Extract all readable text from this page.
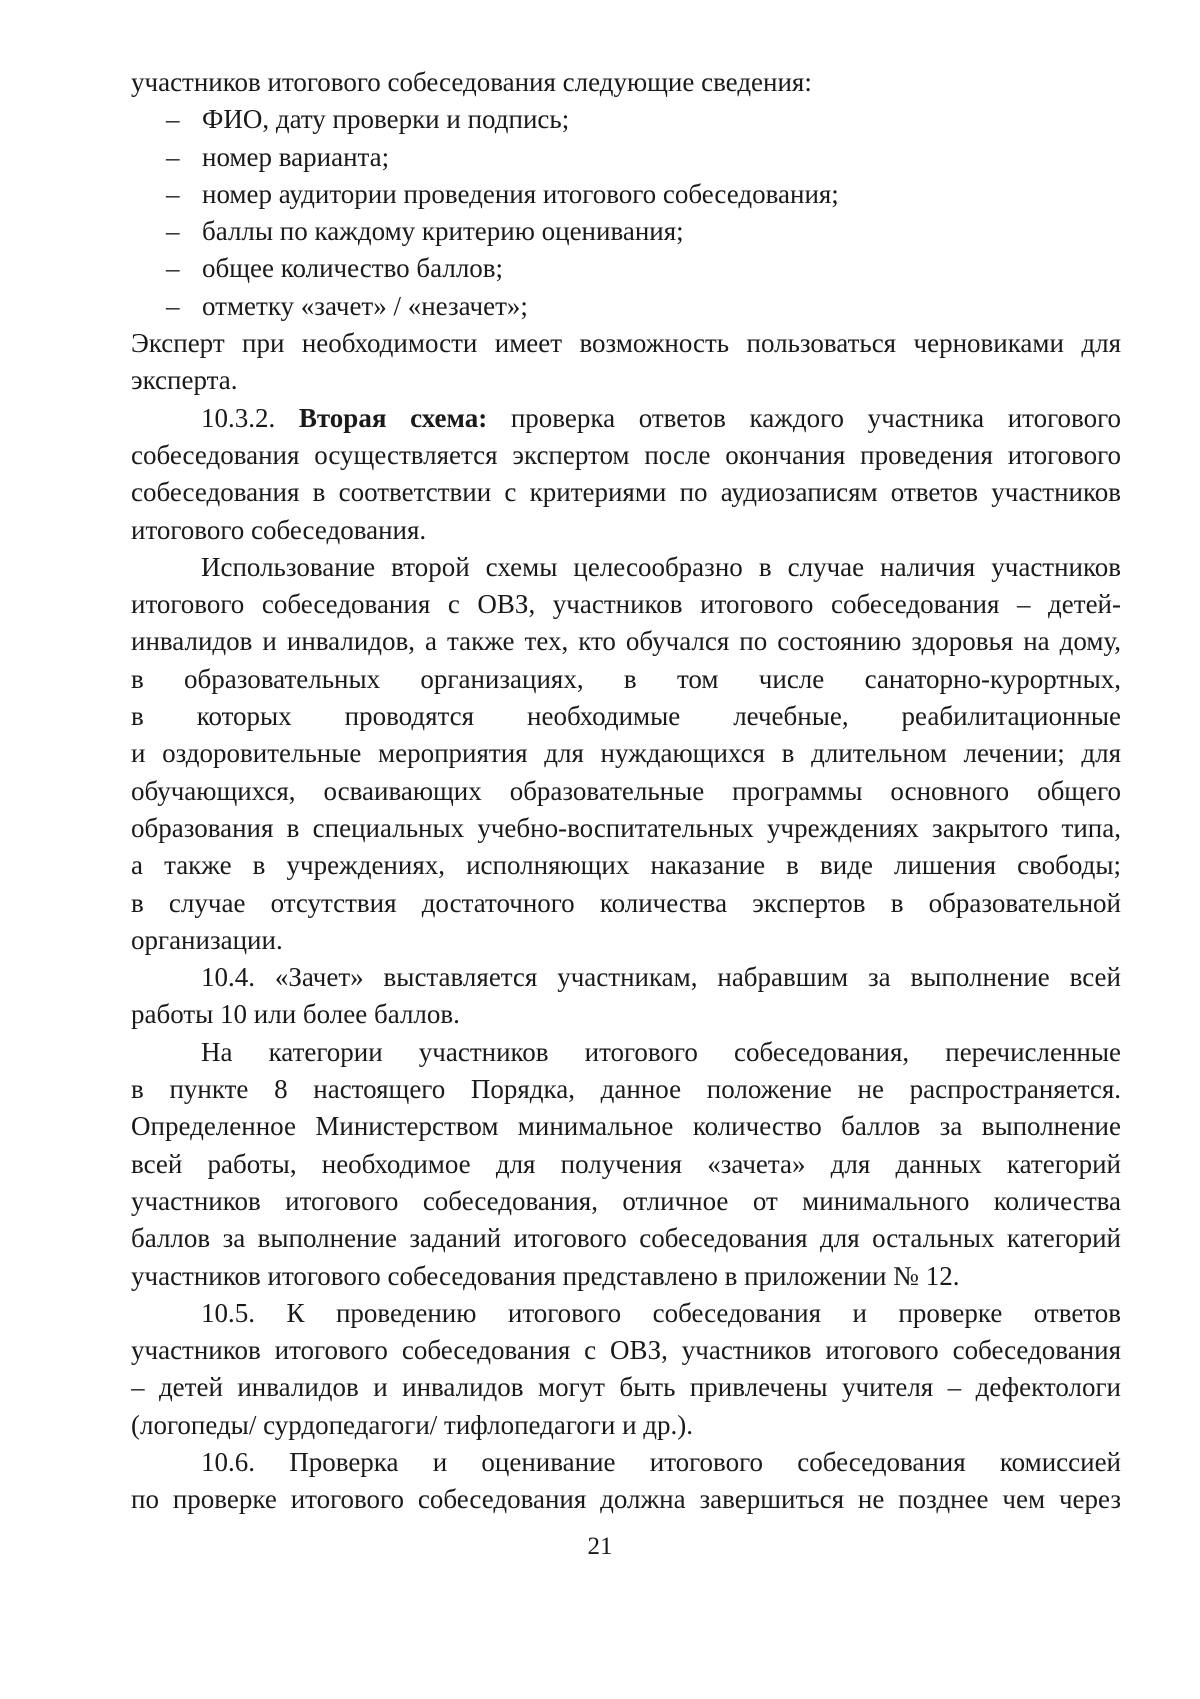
участников итогового собеседования следующие сведения:
– ФИО, дату проверки и подпись;
– номер варианта;
– номер аудитории проведения итогового собеседования;
– баллы по каждому критерию оценивания;
– общее количество баллов;
– отметку «зачет» / «незачет»;
Эксперт при необходимости имеет возможность пользоваться черновиками для
эксперта.
10.3.2. Вторая схема: проверка ответов каждого участника итогового
собеседования осуществляется экспертом после окончания проведения итогового
собеседования в соответствии с критериями по аудиозаписям ответов участников
итогового собеседования.
Использование второй схемы целесообразно в случае наличия участников
итогового собеседования с ОВЗ, участников итогового собеседования – детей-
инвалидов и инвалидов, а также тех, кто обучался по состоянию здоровья на дому,
в образовательных организациях, в том числе санаторно-курортных,
в которых проводятся необходимые лечебные, реабилитационные
и оздоровительные мероприятия для нуждающихся в длительном лечении; для
обучающихся, осваивающих образовательные программы основного общего
образования в специальных учебно-воспитательных учреждениях закрытого типа,
а также в учреждениях, исполняющих наказание в виде лишения свободы;
в случае отсутствия достаточного количества экспертов в образовательной
организации.
10.4. «Зачет» выставляется участникам, набравшим за выполнение всей
работы 10 или более баллов.
На категории участников итогового собеседования, перечисленные
в пункте 8 настоящего Порядка, данное положение не распространяется.
Определенное Министерством минимальное количество баллов за выполнение
всей работы, необходимое для получения «зачета» для данных категорий
участников итогового собеседования, отличное от минимального количества
баллов за выполнение заданий итогового собеседования для остальных категорий
участников итогового собеседования представлено в приложении № 12.
10.5. К проведению итогового собеседования и проверке ответов
участников итогового собеседования с ОВЗ, участников итогового собеседования
– детей инвалидов и инвалидов могут быть привлечены учителя – дефектологи
(логопеды/ сурдопедагоги/ тифлопедагоги и др.).
10.6. Проверка и оценивание итогового собеседования комиссией
по проверке итогового собеседования должна завершиться не позднее чем через
21
